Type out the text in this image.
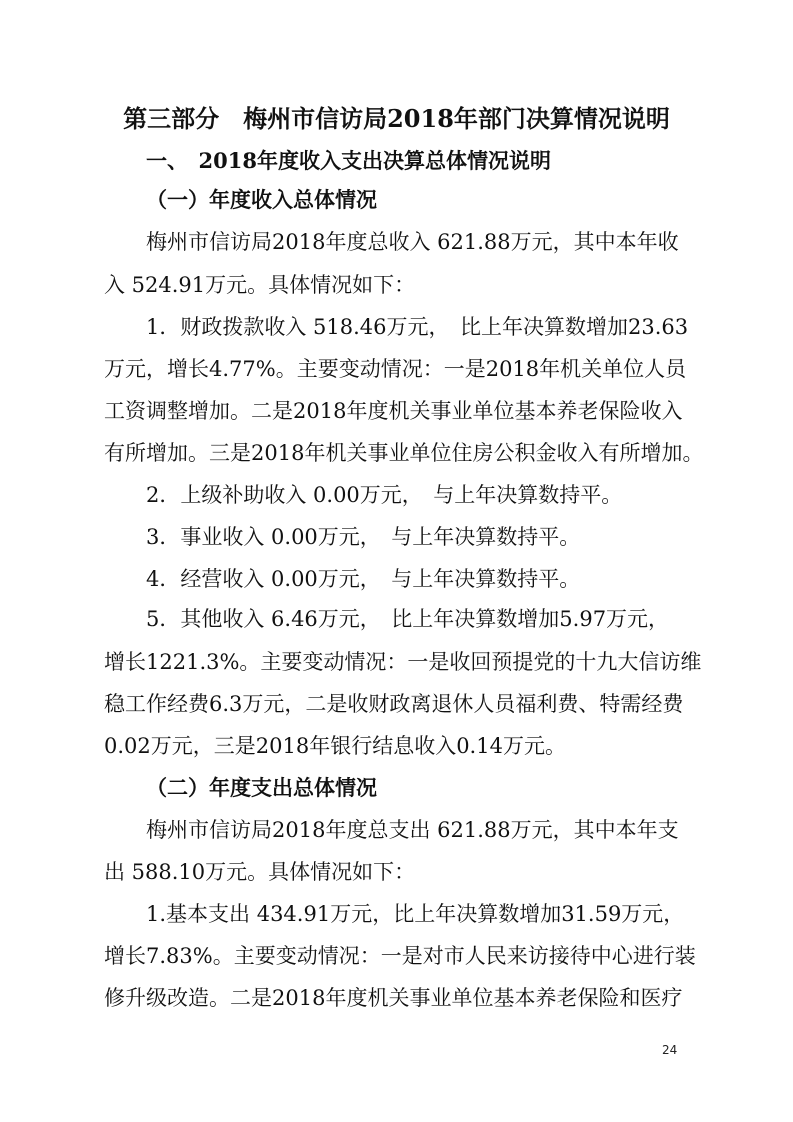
第三部分　梅州市信访局2018年部门决算情况说明
一、　2018年度收入支出决算总体情况说明
（一）年度收入总体情况
梅州市信访局2018年度总收入 621.88万元，其中本年收
入 524.91万元。具体情况如下：
1．财政拨款收入 518.46万元，　比上年决算数增加23.63
万元，增长4.77%。主要变动情况：一是2018年机关单位人员
工资调整增加。二是2018年度机关事业单位基本养老保险收入
有所增加。三是2018年机关事业单位住房公积金收入有所增加。
2．上级补助收入 0.00万元，　与上年决算数持平。
3．事业收入 0.00万元，　与上年决算数持平。
4．经营收入 0.00万元，　与上年决算数持平。
5．其他收入 6.46万元，　比上年决算数增加5.97万元，
增长1221.3%。主要变动情况：一是收回预提党的十九大信访维
稳工作经费6.3万元，二是收财政离退休人员福利费、特需经费
0.02万元，三是2018年银行结息收入0.14万元。
（二）年度支出总体情况
梅州市信访局2018年度总支出 621.88万元，其中本年支
出 588.10万元。具体情况如下：
1.基本支出 434.91万元，比上年决算数增加31.59万元，
增长7.83%。主要变动情况：一是对市人民来访接待中心进行装
修升级改造。二是2018年度机关事业单位基本养老保险和医疗
24
